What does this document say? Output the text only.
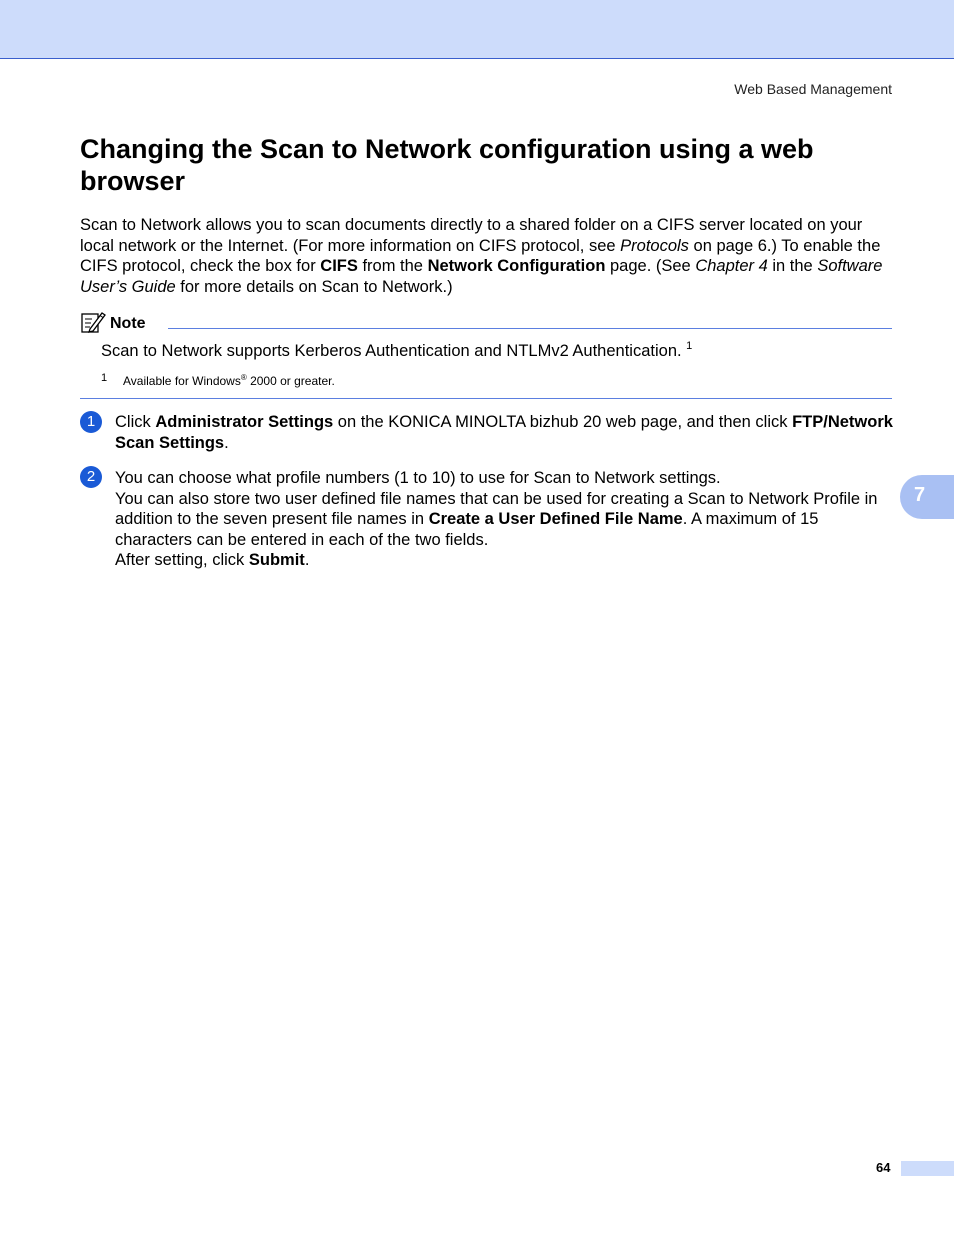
Web Based Management
Changing the Scan to Network configuration using a web browser

Scan to Network allows you to scan documents directly to a shared folder on a CIFS server located on your local network or the Internet. (For more information on CIFS protocol, see Protocols on page 6.) To enable the CIFS protocol, check the box for CIFS from the Network Configuration page. (See Chapter 4 in the Software User’s Guide for more details on Scan to Network.)

Note
Scan to Network supports Kerberos Authentication and NTLMv2 Authentication. $^1$
1 Available for Windows® 2000 or greater.
1	Click Administrator Settings on the KONICA MINOLTA bizhub 20 web page, and then click FTP/Network Scan Settings.

2	You can choose what profile numbers (1 to 10) to use for Scan to Network settings.
You can also store two user defined file names that can be used for creating a Scan to Network Profile in addition to the seven present file names in Create a User Defined File Name. A maximum of 15 characters can be entered in each of the two fields.
After setting, click Submit.

7
64
